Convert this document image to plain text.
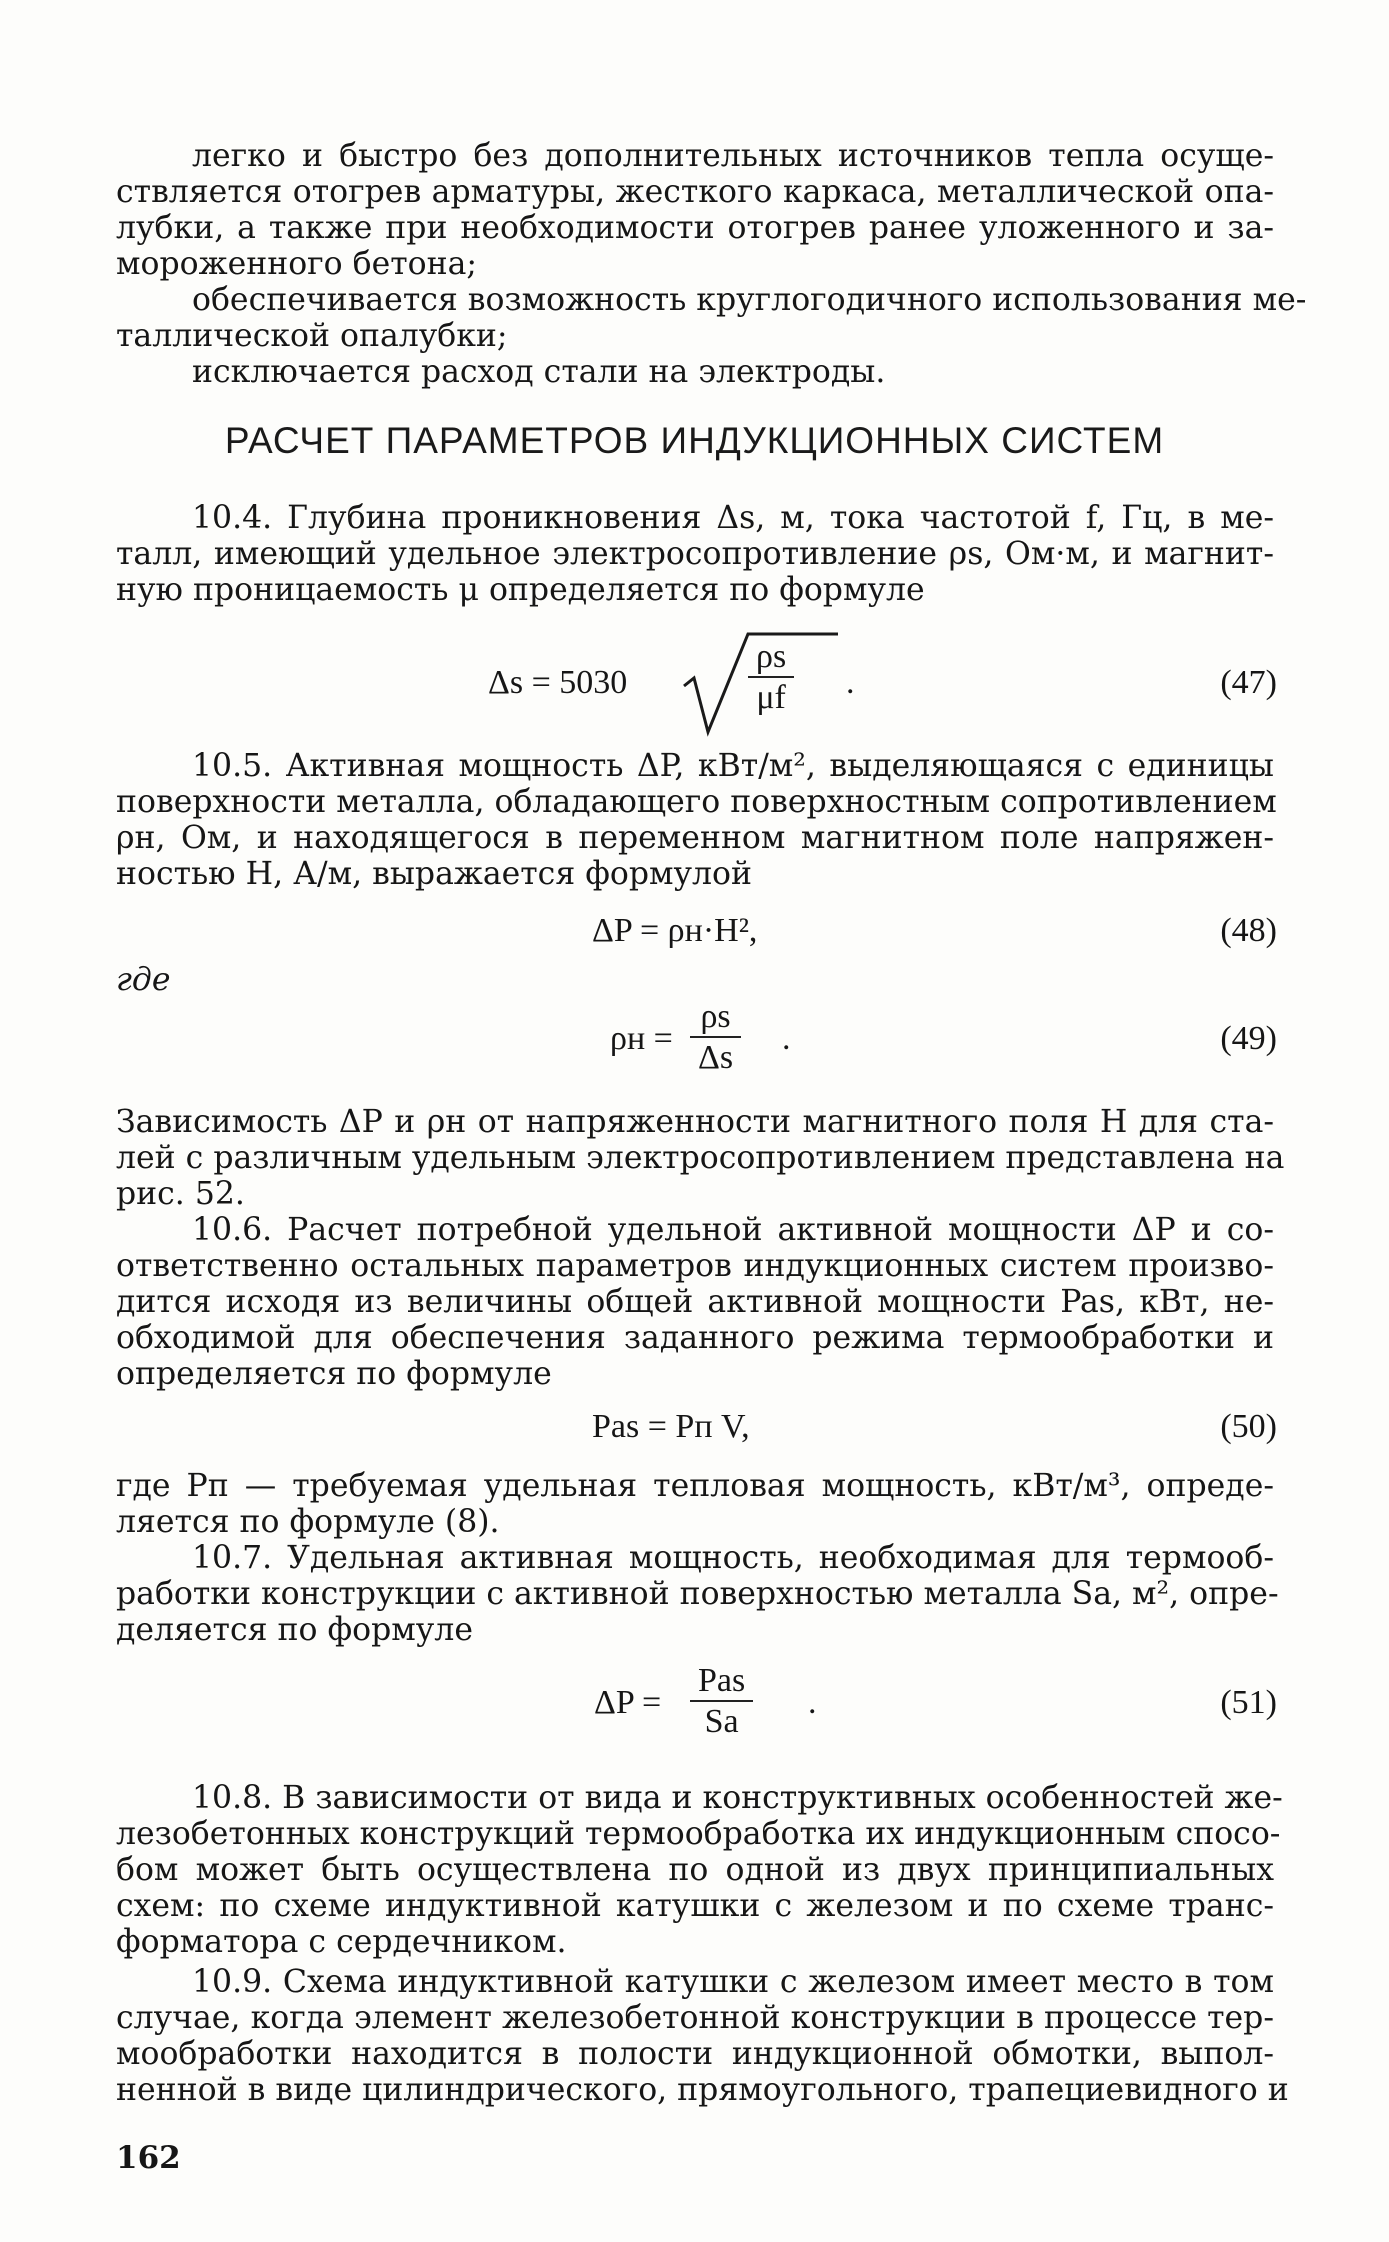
легко и быстро без дополнительных источников тепла осуще-
ствляется отогрев арматуры, жесткого каркаса, металлической опа-
лубки, а также при необходимости отогрев ранее уложенного и за-
мороженного бетона;
обеспечивается возможность круглогодичного использования ме-
таллической опалубки;
исключается расход стали на электроды.
РАСЧЕТ ПАРАМЕТРОВ ИНДУКЦИОННЫХ СИСТЕМ
10.4. Глубина проникновения Δs, м, тока частотой f, Гц, в ме-
талл, имеющий удельное электросопротивление ρs, Ом·м, и магнит-
ную проницаемость μ определяется по формуле
Δs = 5030	$\frac{\rho s}{\mu f}$ .	(47)
10.5. Активная мощность ΔP, кВт/м², выделяющаяся с единицы
поверхности металла, обладающего поверхностным сопротивлением
ρн, Ом, и находящегося в переменном магнитном поле напряжен-
ностью H, А/м, выражается формулой
ΔP = ρн·H²,	(48)
где
$\rho н = \frac{\rho s}{\Delta s}$ .	(49)
Зависимость ΔP и ρн от напряженности магнитного поля H для ста-
лей с различным удельным электросопротивлением представлена на
рис. 52.
10.6. Расчет потребной удельной активной мощности ΔP и со-
ответственно остальных параметров индукционных систем произво-
дится исходя из величины общей активной мощности Pas, кВт, не-
обходимой для обеспечения заданного режима термообработки и
определяется по формуле
Pas = Pп V,	(50)
где Pп — требуемая удельная тепловая мощность, кВт/м³, опреде-
ляется по формуле (8).
10.7. Удельная активная мощность, необходимая для термооб-
работки конструкции с активной поверхностью металла Sa, м², опре-
деляется по формуле
$\Delta P = \frac{\text{Pas}}{Sa}$ .	(51)
10.8. В зависимости от вида и конструктивных особенностей же-
лезобетонных конструкций термообработка их индукционным спосо-
бом может быть осуществлена по одной из двух принципиальных
схем: по схеме индуктивной катушки с железом и по схеме транс-
форматора с сердечником.
10.9. Схема индуктивной катушки с железом имеет место в том
случае, когда элемент железобетонной конструкции в процессе тер-
мообработки находится в полости индукционной обмотки, выпол-
ненной в виде цилиндрического, прямоугольного, трапециевидного и
162
